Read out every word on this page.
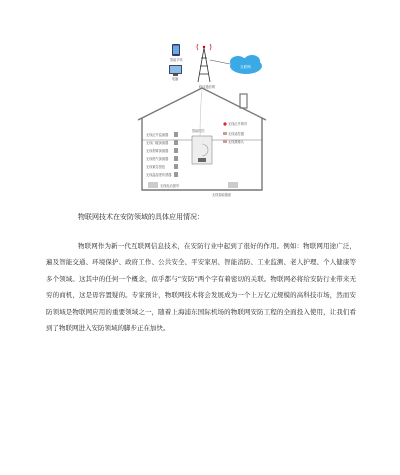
智能手机
电脑
移动通信网
互联网
智能网关
无线红外监测器
无线门磁探测器
无线烟雾探测器
无线燃气探测器
无线紧急按钮
无线温湿度传感器
无线红外幕帘
无线遥控器
无线摄像头
无线电动窗帘
无线智能插座
物联网技术在安防领域的具体应用情况：

物联网作为新一代互联网信息技术，在安防行业中起到了很好的作用。例如：物联网用途广泛，遍及智能交通、环境保护、政府工作、公共安全、平安家居、智能消防、工业监测、老人护理、个人健康等多个领域。这其中的任何一个概念，似乎都与“安防”两个字有着密切的关联。物联网必将给安防行业带来无穷的商机，这是毋容置疑的。专家预计，物联网技术将会发展成为一个上万亿元规模的高科技市场，然而安防领域是物联网应用的重要领域之一，随着上海浦东国际机场的物联网安防工程的全面投入使用，让我们看到了物联网进入安防领域的脚步正在加快。
